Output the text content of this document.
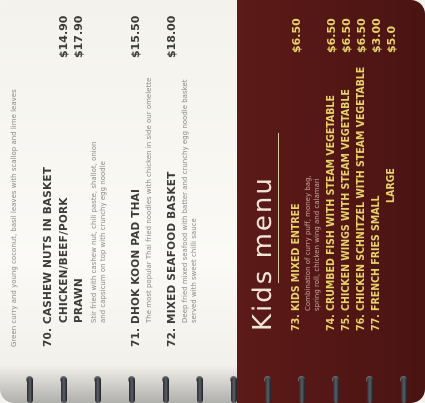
Green curry and young coconut, basil leaves with scallop and lime leaves 70. CASHEW NUTS IN BASKET CHICKEN/BEEF/PORK PRAWN Stir fried with cashew nut, chili paste, shallot, onion and capsicum on top with crunchy egg noodle
$14.90 $17.90
71. DHOK KOON PAD THAI The most popular Thai fried noodles with chicken in side our omelette
$15.50
72. MIXED SEAFOOD BASKET Deep fried mixed seafood with batter and crunchy egg noodle basket served with sweet chilli sauce
$18.00
Kids menu 73. KIDS MIXED ENTREE Combination of curry puff, money bag, spring roll, chicken wing and calamari
$6.50
74. CRUMBED FISH WITH STEAM VEGETABLE
$6.50
75. CHICKEN WINGS WITH STEAM VEGETABLE
$6.50
76. CHICKEN SCHNITZEL WITH STEAM VEGETABLE
$6.50
77. FRENCH FRIES SMALL
$3.00
LARGE
$5.0
